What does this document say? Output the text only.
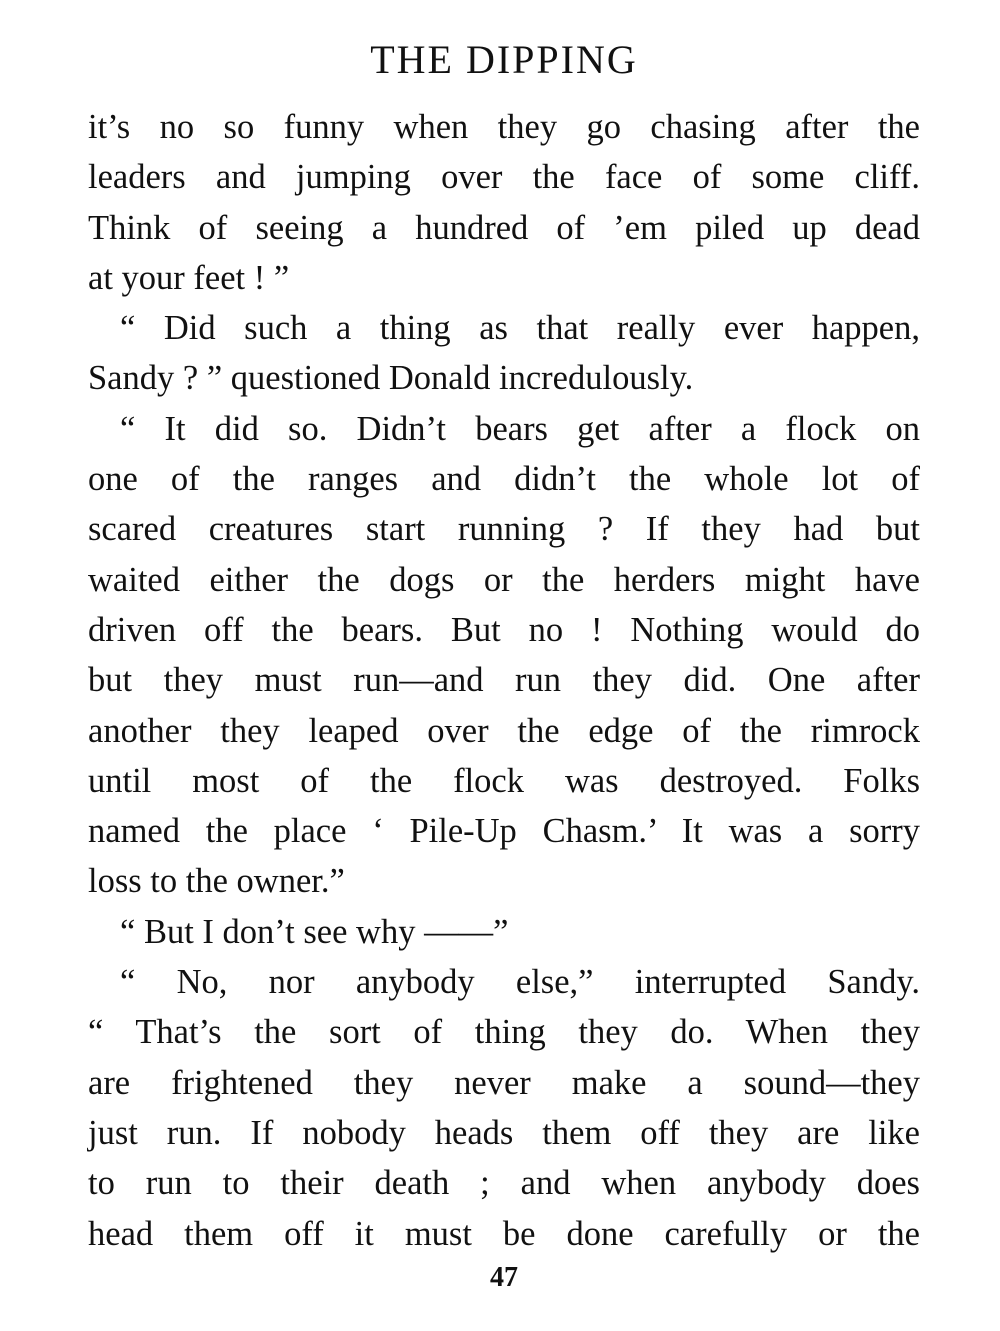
THE DIPPING
it’s no so funny when they go chasing after the
leaders and jumping over the face of some cliff.
Think of seeing a hundred of ’em piled up dead
at your feet ! ”
“ Did such a thing as that really ever happen,
Sandy ? ” questioned Donald incredulously.
“ It did so. Didn’t bears get after a flock on
one of the ranges and didn’t the whole lot of
scared creatures start running ? If they had but
waited either the dogs or the herders might have
driven off the bears. But no ! Nothing would do
but they must run—and run they did. One after
another they leaped over the edge of the rimrock
until most of the flock was destroyed. Folks
named the place ‘ Pile-Up Chasm.’ It was a sorry
loss to the owner.”
“ But I don’t see why ——”
“ No, nor anybody else,” interrupted Sandy.
“ That’s the sort of thing they do. When they
are frightened they never make a sound—they
just run. If nobody heads them off they are like
to run to their death ; and when anybody does
head them off it must be done carefully or the
47
